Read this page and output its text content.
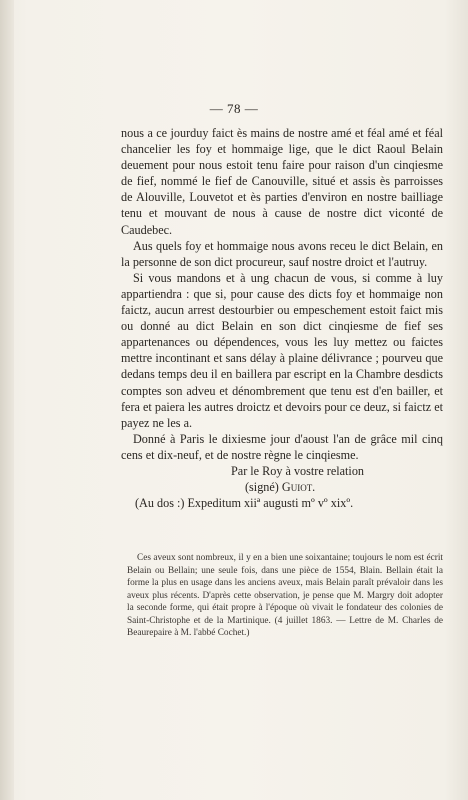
— 78 —

nous a ce jourduy faict ès mains de nostre amé et féal amé et féal chancelier les foy et hommaige lige, que le dict Raoul Belain deuement pour nous estoit tenu faire pour raison d'un cinqiesme de fief, nommé le fief de Canouville, situé et assis ès parroisses de Alouville, Louvetot et ès parties d'environ en nostre bailliage tenu et mouvant de nous à cause de nostre dict viconté de Caudebec.

Aus quels foy et hommaige nous avons receu le dict Belain, en la personne de son dict procureur, sauf nostre droict et l'autruy.

Si vous mandons et à ung chacun de vous, si comme à luy appartiendra : que si, pour cause des dicts foy et hommaige non faictz, aucun arrest destourbier ou empeschement estoit faict mis ou donné au dict Belain en son dict cinqiesme de fief ses appartenances ou dépendences, vous les luy mettez ou faictes mettre incontinant et sans délay à plaine délivrance ; pourveu que dedans temps deu il en baillera par escript en la Chambre desdicts comptes son adveu et dénombrement que tenu est d'en bailler, et fera et paiera les autres droictz et devoirs pour ce deuz, si faictz et payez ne les a.

Donné à Paris le dixiesme jour d'aoust l'an de grâce mil cinq cens et dix-neuf, et de nostre règne le cinqiesme.

Par le Roy à vostre relation
(signé) Guiot.
(Au dos :) Expeditum xiiª augusti mº vº xixº.

Ces aveux sont nombreux, il y en a bien une soixantaine; toujours le nom est écrit Belain ou Bellain; une seule fois, dans une pièce de 1554, Blain. Bellain était la forme la plus en usage dans les anciens aveux, mais Belain paraît prévaloir dans les aveux plus récents. D'après cette observation, je pense que M. Margry doit adopter la seconde forme, qui était propre à l'époque où vivait le fondateur des colonies de Saint-Christophe et de la Martinique. (4 juillet 1863. — Lettre de M. Charles de Beaurepaire à M. l'abbé Cochet.)
